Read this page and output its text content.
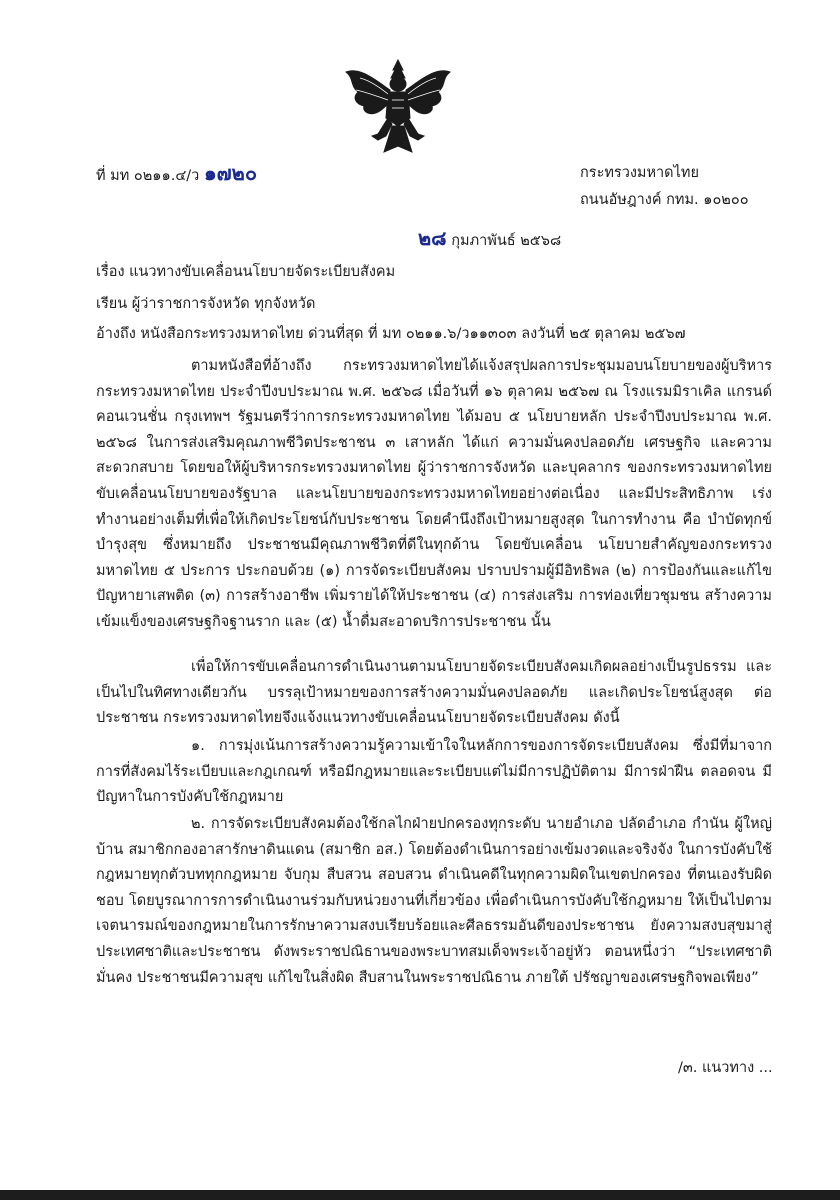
ที่ มท ๐๒๑๑.๔/ว ๑๗๒๐	กระทรวงมหาดไทย
ถนนอัษฎางค์ กทม. ๑๐๒๐๐
๒๘ กุมภาพันธ์ ๒๕๖๘
เรื่อง แนวทางขับเคลื่อนนโยบายจัดระเบียบสังคม
เรียน ผู้ว่าราชการจังหวัด ทุกจังหวัด
อ้างถึง หนังสือกระทรวงมหาดไทย ด่วนที่สุด ที่ มท ๐๒๑๑.๖/ว๑๑๓๐๓ ลงวันที่ ๒๕ ตุลาคม ๒๕๖๗
ตามหนังสือที่อ้างถึง กระทรวงมหาดไทยได้แจ้งสรุปผลการประชุมมอบนโยบายของผู้บริหาร กระทรวงมหาดไทย ประจำปีงบประมาณ พ.ศ. ๒๕๖๘ เมื่อวันที่ ๑๖ ตุลาคม ๒๕๖๗ ณ โรงแรมมิราเคิล แกรนด์ คอนเวนชั่น กรุงเทพฯ รัฐมนตรีว่าการกระทรวงมหาดไทย ได้มอบ ๕ นโยบายหลัก ประจำปีงบประมาณ พ.ศ. ๒๕๖๘ ในการส่งเสริมคุณภาพชีวิตประชาชน ๓ เสาหลัก ได้แก่ ความมั่นคงปลอดภัย เศรษฐกิจ และความสะดวกสบาย โดยขอให้ผู้บริหารกระทรวงมหาดไทย ผู้ว่าราชการจังหวัด และบุคลากร ของกระทรวงมหาดไทย ขับเคลื่อนนโยบายของรัฐบาล และนโยบายของกระทรวงมหาดไทยอย่างต่อเนื่อง และมีประสิทธิภาพ เร่งทำงานอย่างเต็มที่เพื่อให้เกิดประโยชน์กับประชาชน โดยคำนึงถึงเป้าหมายสูงสุด ในการทำงาน คือ บำบัดทุกข์ บำรุงสุข ซึ่งหมายถึง ประชาชนมีคุณภาพชีวิตที่ดีในทุกด้าน โดยขับเคลื่อน นโยบายสำคัญของกระทรวงมหาดไทย ๕ ประการ ประกอบด้วย (๑) การจัดระเบียบสังคม ปราบปรามผู้มีอิทธิพล (๒) การป้องกันและแก้ไขปัญหายาเสพติด (๓) การสร้างอาชีพ เพิ่มรายได้ให้ประชาชน (๔) การส่งเสริม การท่องเที่ยวชุมชน สร้างความเข้มแข็งของเศรษฐกิจฐานราก และ (๕) น้ำดื่มสะอาดบริการประชาชน นั้น
เพื่อให้การขับเคลื่อนการดำเนินงานตามนโยบายจัดระเบียบสังคมเกิดผลอย่างเป็นรูปธรรม และเป็นไปในทิศทางเดียวกัน บรรลุเป้าหมายของการสร้างความมั่นคงปลอดภัย และเกิดประโยชน์สูงสุด ต่อประชาชน กระทรวงมหาดไทยจึงแจ้งแนวทางขับเคลื่อนนโยบายจัดระเบียบสังคม ดังนี้
๑. การมุ่งเน้นการสร้างความรู้ความเข้าใจในหลักการของการจัดระเบียบสังคม ซึ่งมีที่มาจาก การที่สังคมไร้ระเบียบและกฎเกณฑ์ หรือมีกฎหมายและระเบียบแต่ไม่มีการปฏิบัติตาม มีการฝ่าฝืน ตลอดจน มีปัญหาในการบังคับใช้กฎหมาย
๒. การจัดระเบียบสังคมต้องใช้กลไกฝ่ายปกครองทุกระดับ นายอำเภอ ปลัดอำเภอ กำนัน ผู้ใหญ่บ้าน สมาชิกกองอาสารักษาดินแดน (สมาชิก อส.) โดยต้องดำเนินการอย่างเข้มงวดและจริงจัง ในการบังคับใช้กฎหมายทุกตัวบททุกกฎหมาย จับกุม สืบสวน สอบสวน ดำเนินคดีในทุกความผิดในเขตปกครอง ที่ตนเองรับผิดชอบ โดยบูรณาการการดำเนินงานร่วมกับหน่วยงานที่เกี่ยวข้อง เพื่อดำเนินการบังคับใช้กฎหมาย ให้เป็นไปตามเจตนารมณ์ของกฎหมายในการรักษาความสงบเรียบร้อยและศีลธรรมอันดีของประชาชน ยังความสงบสุขมาสู่ประเทศชาติและประชาชน ดังพระราชปณิธานของพระบาทสมเด็จพระเจ้าอยู่หัว ตอนหนึ่งว่า “ประเทศชาติมั่นคง ประชาชนมีความสุข แก้ไขในสิ่งผิด สืบสานในพระราชปณิธาน ภายใต้ ปรัชญาของเศรษฐกิจพอเพียง”
/๓. แนวทาง ...
